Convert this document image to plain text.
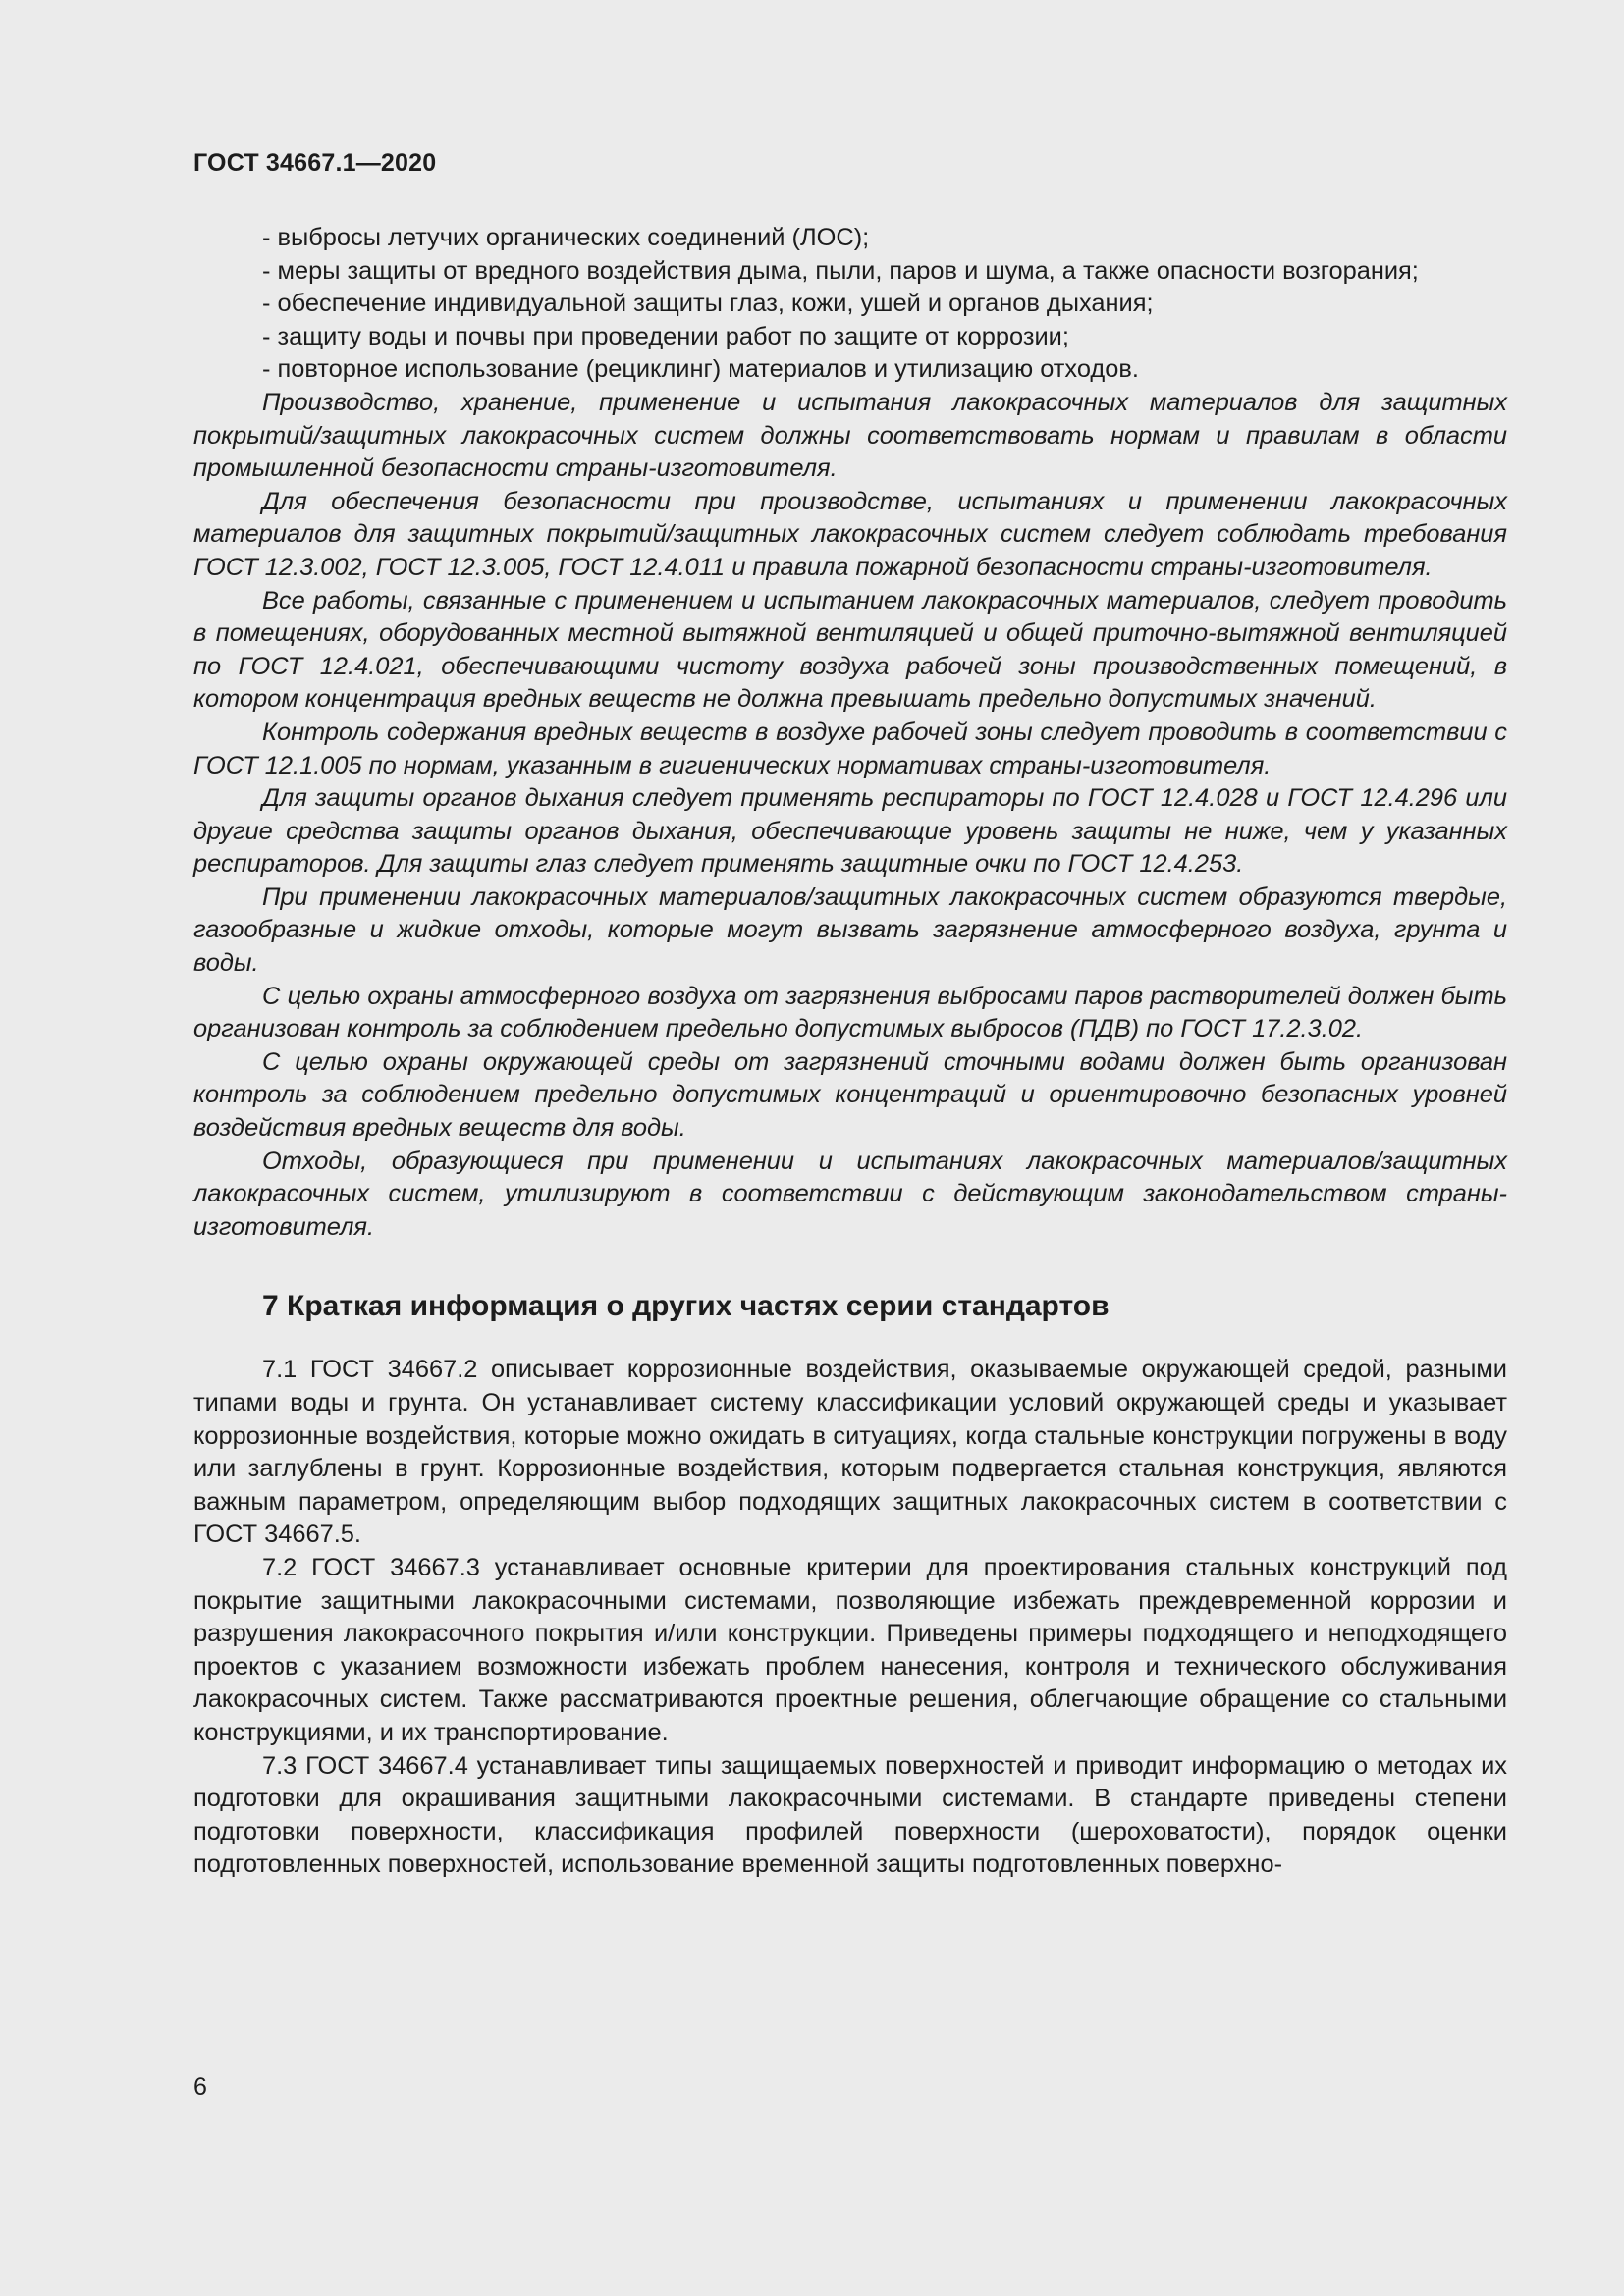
ГОСТ 34667.1—2020

- выбросы летучих органических соединений (ЛОС);

- меры защиты от вредного воздействия дыма, пыли, паров и шума, а также опасности возгорания;

- обеспечение индивидуальной защиты глаз, кожи, ушей и органов дыхания;

- защиту воды и почвы при проведении работ по защите от коррозии;

- повторное использование (рециклинг) материалов и утилизацию отходов.

Производство, хранение, применение и испытания лакокрасочных материалов для защитных покрытий/защитных лакокрасочных систем должны соответствовать нормам и правилам в области промышленной безопасности страны-изготовителя.

Для обеспечения безопасности при производстве, испытаниях и применении лакокрасочных материалов для защитных покрытий/защитных лакокрасочных систем следует соблюдать требования ГОСТ 12.3.002, ГОСТ 12.3.005, ГОСТ 12.4.011 и правила пожарной безопасности страны-изготовителя.

Все работы, связанные с применением и испытанием лакокрасочных материалов, следует проводить в помещениях, оборудованных местной вытяжной вентиляцией и общей приточно-вытяжной вентиляцией по ГОСТ 12.4.021, обеспечивающими чистоту воздуха рабочей зоны производственных помещений, в котором концентрация вредных веществ не должна превышать предельно допустимых значений.

Контроль содержания вредных веществ в воздухе рабочей зоны следует проводить в соответствии с ГОСТ 12.1.005 по нормам, указанным в гигиенических нормативах страны-изготовителя.

Для защиты органов дыхания следует применять респираторы по ГОСТ 12.4.028 и ГОСТ 12.4.296 или другие средства защиты органов дыхания, обеспечивающие уровень защиты не ниже, чем у указанных респираторов. Для защиты глаз следует применять защитные очки по ГОСТ 12.4.253.

При применении лакокрасочных материалов/защитных лакокрасочных систем образуются твердые, газообразные и жидкие отходы, которые могут вызвать загрязнение атмосферного воздуха, грунта и воды.

С целью охраны атмосферного воздуха от загрязнения выбросами паров растворителей должен быть организован контроль за соблюдением предельно допустимых выбросов (ПДВ) по ГОСТ 17.2.3.02.

С целью охраны окружающей среды от загрязнений сточными водами должен быть организован контроль за соблюдением предельно допустимых концентраций и ориентировочно безопасных уровней воздействия вредных веществ для воды.

Отходы, образующиеся при применении и испытаниях лакокрасочных материалов/защитных лакокрасочных систем, утилизируют в соответствии с действующим законодательством страны-изготовителя.

7 Краткая информация о других частях серии стандартов

7.1 ГОСТ 34667.2 описывает коррозионные воздействия, оказываемые окружающей средой, разными типами воды и грунта. Он устанавливает систему классификации условий окружающей среды и указывает коррозионные воздействия, которые можно ожидать в ситуациях, когда стальные конструкции погружены в воду или заглублены в грунт. Коррозионные воздействия, которым подвергается стальная конструкция, являются важным параметром, определяющим выбор подходящих защитных лакокрасочных систем в соответствии с ГОСТ 34667.5.

7.2 ГОСТ 34667.3 устанавливает основные критерии для проектирования стальных конструкций под покрытие защитными лакокрасочными системами, позволяющие избежать преждевременной коррозии и разрушения лакокрасочного покрытия и/или конструкции. Приведены примеры подходящего и неподходящего проектов с указанием возможности избежать проблем нанесения, контроля и технического обслуживания лакокрасочных систем. Также рассматриваются проектные решения, облегчающие обращение со стальными конструкциями, и их транспортирование.

7.3 ГОСТ 34667.4 устанавливает типы защищаемых поверхностей и приводит информацию о методах их подготовки для окрашивания защитными лакокрасочными системами. В стандарте приведены степени подготовки поверхности, классификация профилей поверхности (шероховатости), порядок оценки подготовленных поверхностей, использование временной защиты подготовленных поверхно-

6
